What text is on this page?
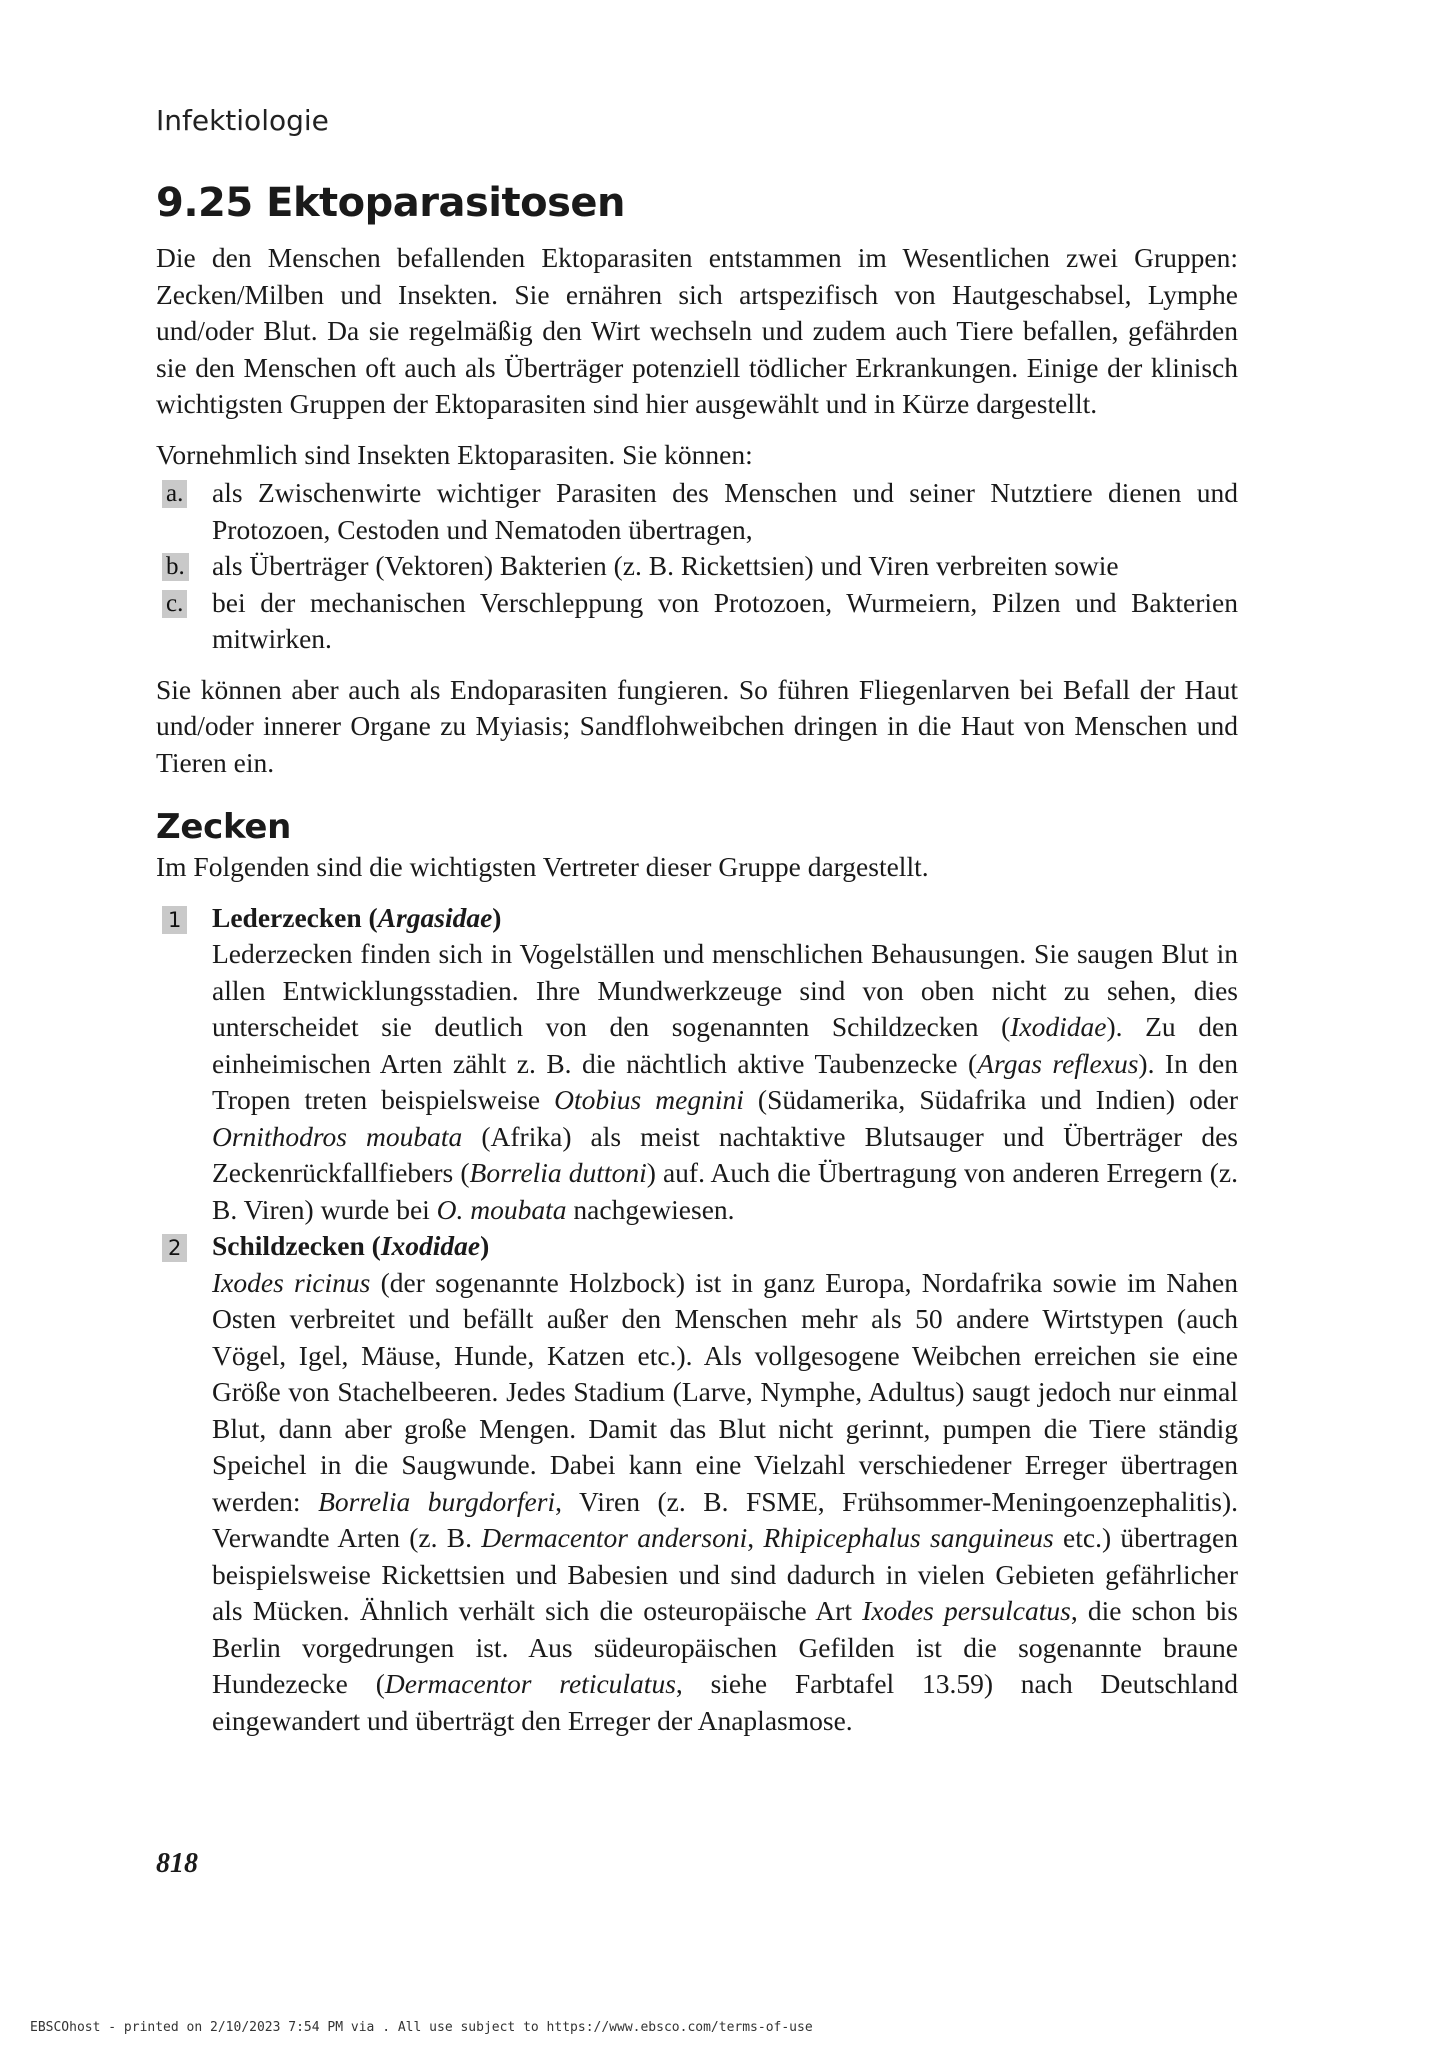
Infektiologie
9.25 Ektoparasitosen

Die den Menschen befallenden Ektoparasiten entstammen im Wesentlichen zwei Gruppen: Zecken/Milben und Insekten. Sie ernähren sich artspezifisch von Hautgeschabsel, Lymphe und/oder Blut. Da sie regelmäßig den Wirt wechseln und zudem auch Tiere befallen, gefährden sie den Menschen oft auch als Überträger potenziell tödlicher Erkrankungen. Einige der klinisch wichtigsten Gruppen der Ektoparasiten sind hier ausgewählt und in Kürze dargestellt.

Vornehmlich sind Insekten Ektoparasiten. Sie können:

a.	als Zwischenwirte wichtiger Parasiten des Menschen und seiner Nutztiere dienen und Protozoen, Cestoden und Nematoden übertragen,
b. als Überträger (Vektoren) Bakterien (z. B. Rickettsien) und Viren verbreiten sowie
c.	bei der mechanischen Verschleppung von Protozoen, Wurmeiern, Pilzen und Bakterien mitwirken.

Sie können aber auch als Endoparasiten fungieren. So führen Fliegenlarven bei Befall der Haut und/oder innerer Organe zu Myiasis; Sandflohweibchen dringen in die Haut von Menschen und Tieren ein.

Zecken

Im Folgenden sind die wichtigsten Vertreter dieser Gruppe dargestellt.

1	Lederzecken (Argasidae)
Lederzecken finden sich in Vogelställen und menschlichen Behausungen. Sie saugen Blut in allen Entwicklungsstadien. Ihre Mundwerkzeuge sind von oben nicht zu sehen, dies unterscheidet sie deutlich von den sogenannten Schildzecken (Ixodidae). Zu den einheimischen Arten zählt z. B. die nächtlich aktive Taubenzecke (Argas reflexus). In den Tropen treten beispielsweise Otobius megnini (Südamerika, Südafrika und Indien) oder Ornithodros moubata (Afrika) als meist nachtaktive Blutsauger und Überträger des Zeckenrückfallfiebers (Borrelia duttoni) auf. Auch die Übertragung von anderen Erregern (z. B. Viren) wurde bei O. moubata nachgewiesen.
2	Schildzecken (Ixodidae)
Ixodes ricinus (der sogenannte Holzbock) ist in ganz Europa, Nordafrika sowie im Nahen Osten verbreitet und befällt außer den Menschen mehr als 50 andere Wirtstypen (auch Vögel, Igel, Mäuse, Hunde, Katzen etc.). Als vollgesogene Weibchen erreichen sie eine Größe von Stachelbeeren. Jedes Stadium (Larve, Nymphe, Adultus) saugt jedoch nur einmal Blut, dann aber große Mengen. Damit das Blut nicht gerinnt, pumpen die Tiere ständig Speichel in die Saugwunde. Dabei kann eine Vielzahl verschiedener Erreger übertragen werden: Borrelia burgdorferi, Viren (z. B. FSME, Frühsommer-Meningoenzephalitis). Verwandte Arten (z. B. Dermacentor andersoni, Rhipicephalus sanguineus etc.) übertragen beispielsweise Rickettsien und Babesien und sind dadurch in vielen Gebieten gefährlicher als Mücken. Ähnlich verhält sich die osteuropäische Art Ixodes persulcatus, die schon bis Berlin vorgedrungen ist. Aus südeuropäischen Gefilden ist die sogenannte braune Hundezecke (Dermacentor reticulatus, siehe Farbtafel 13.59) nach Deutschland eingewandert und überträgt den Erreger der Anaplasmose.
818
EBSCOhost - printed on 2/10/2023 7:54 PM via . All use subject to https://www.ebsco.com/terms-of-use
